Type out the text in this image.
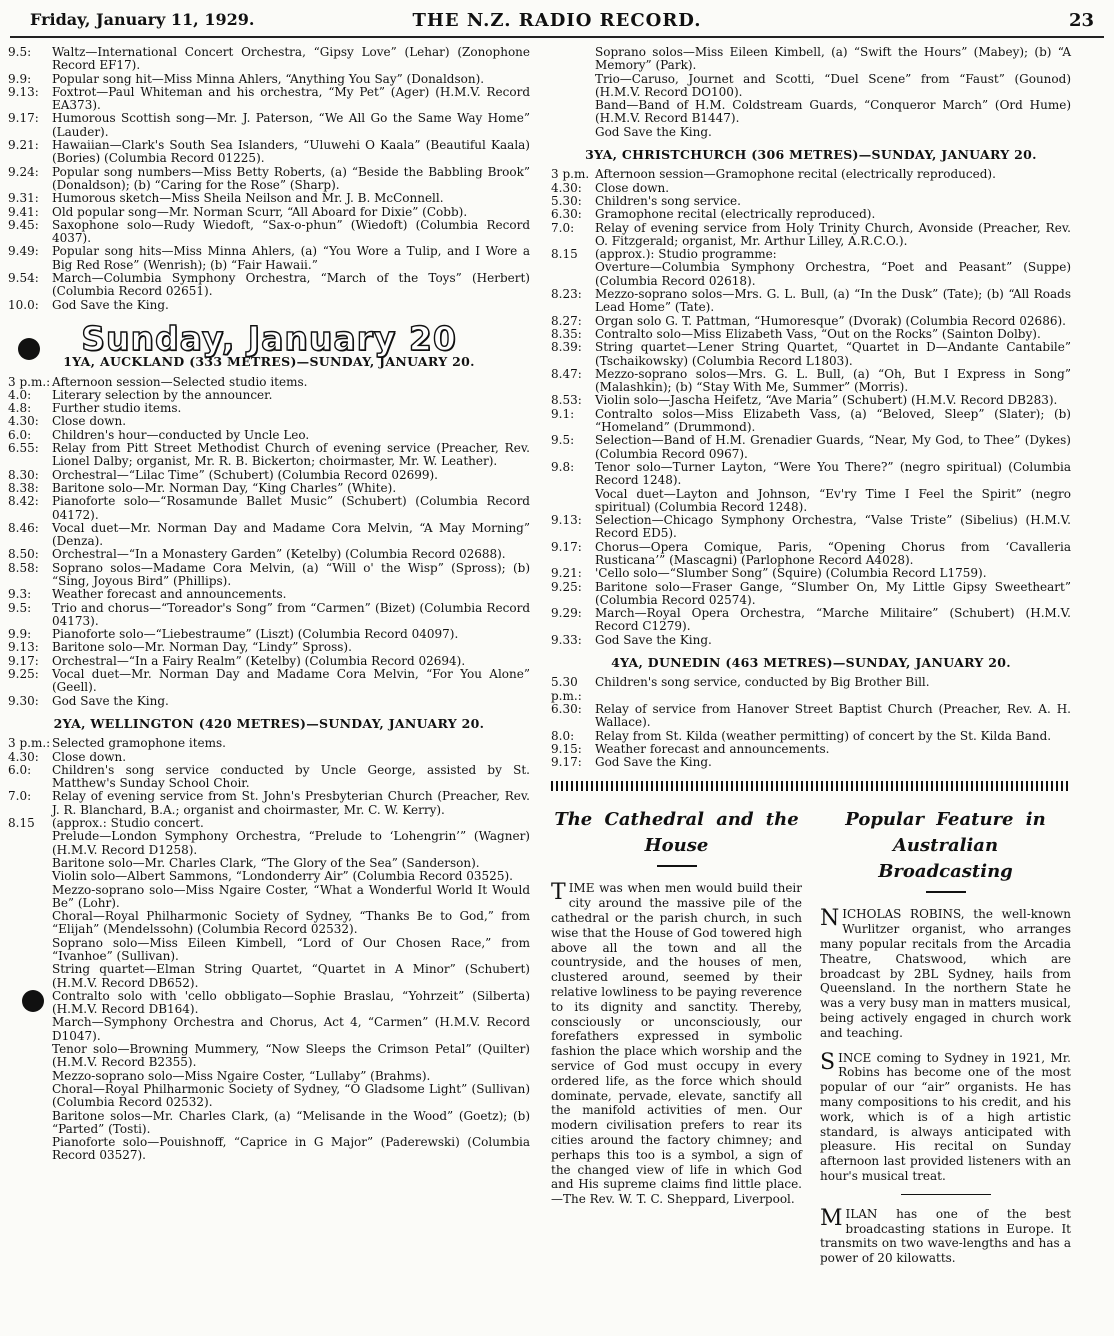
Friday, January 11, 1929.	THE N.Z. RADIO RECORD.	23
9.5:	Waltz—International Concert Orchestra, “Gipsy Love” (Lehar) (Zonophone Record EF17).
9.9:	Popular song hit—Miss Minna Ahlers, “Anything You Say” (Donaldson).
9.13:	Foxtrot—Paul Whiteman and his orchestra, “My Pet” (Ager) (H.M.V. Record EA373).
9.17:	Humorous Scottish song—Mr. J. Paterson, “We All Go the Same Way Home” (Lauder).
9.21:	Hawaiian—Clark's South Sea Islanders, “Uluwehi O Kaala” (Beautiful Kaala) (Bories) (Columbia Record 01225).
9.24:	Popular song numbers—Miss Betty Roberts, (a) “Beside the Babbling Brook” (Donaldson); (b) “Caring for the Rose” (Sharp).
9.31:	Humorous sketch—Miss Sheila Neilson and Mr. J. B. McConnell.
9.41:	Old popular song—Mr. Norman Scurr, “All Aboard for Dixie” (Cobb).
9.45:	Saxophone solo—Rudy Wiedoft, “Sax-o-phun” (Wiedoft) (Columbia Record 4037).
9.49:	Popular song hits—Miss Minna Ahlers, (a) “You Wore a Tulip, and I Wore a Big Red Rose” (Wenrish); (b) “Fair Hawaii.”
9.54:	March—Columbia Symphony Orchestra, “March of the Toys” (Herbert) (Columbia Record 02651).
10.0:	God Save the King.
Sunday, January 20
1YA, AUCKLAND (333 METRES)—SUNDAY, JANUARY 20.
3 p.m.: Afternoon session—Selected studio items.
4.0:	Literary selection by the announcer.
4.8:	Further studio items.
4.30:	Close down.
6.0:	Children's hour—conducted by Uncle Leo.
6.55:	Relay from Pitt Street Methodist Church of evening service (Preacher, Rev. Lionel Dalby; organist, Mr. R. B. Bickerton; choirmaster, Mr. W. Leather).
8.30:	Orchestral—“Lilac Time” (Schubert) (Columbia Record 02699).
8.38:	Baritone solo—Mr. Norman Day, “King Charles” (White).
8.42:	Pianoforte solo—“Rosamunde Ballet Music” (Schubert) (Columbia Record 04172).
8.46:	Vocal duet—Mr. Norman Day and Madame Cora Melvin, “A May Morning” (Denza).
8.50:	Orchestral—“In a Monastery Garden” (Ketelby) (Columbia Record 02688).
8.58:	Soprano solos—Madame Cora Melvin, (a) “Will o' the Wisp” (Spross); (b) “Sing, Joyous Bird” (Phillips).
9.3:	Weather forecast and announcements.
9.5:	Trio and chorus—“Toreador's Song” from “Carmen” (Bizet) (Columbia Record 04173).
9.9:	Pianoforte solo—“Liebestraume” (Liszt) (Columbia Record 04097).
9.13:	Baritone solo—Mr. Norman Day, “Lindy” Spross).
9.17:	Orchestral—“In a Fairy Realm” (Ketelby) (Columbia Record 02694).
9.25:	Vocal duet—Mr. Norman Day and Madame Cora Melvin, “For You Alone” (Geell).
9.30:	God Save the King.
2YA, WELLINGTON (420 METRES)—SUNDAY, JANUARY 20.
3 p.m.: Selected gramophone items.
4.30:	Close down.
6.0:	Children's song service conducted by Uncle George, assisted by St. Matthew's Sunday School Choir.
7.0:	Relay of evening service from St. John's Presbyterian Church (Preacher, Rev. J. R. Blanchard, B.A.; organist and choirmaster, Mr. C. W. Kerry).
8.15	(approx.: Studio concert.
Prelude—London Symphony Orchestra, “Prelude to ‘Lohengrin’” (Wagner) (H.M.V. Record D1258).
Baritone solo—Mr. Charles Clark, “The Glory of the Sea” (Sanderson).
Violin solo—Albert Sammons, “Londonderry Air” (Columbia Record 03525).
Mezzo-soprano solo—Miss Ngaire Coster, “What a Wonderful World It Would Be” (Lohr).
Choral—Royal Philharmonic Society of Sydney, “Thanks Be to God,” from “Elijah” (Mendelssohn) (Columbia Record 02532).
Soprano solo—Miss Eileen Kimbell, “Lord of Our Chosen Race,” from “Ivanhoe” (Sullivan).
String quartet—Elman String Quartet, “Quartet in A Minor” (Schubert) (H.M.V. Record DB652).
Contralto solo with 'cello obbligato—Sophie Braslau, “Yohrzeit” (Silberta) (H.M.V. Record DB164).
March—Symphony Orchestra and Chorus, Act 4, “Carmen” (H.M.V. Record D1047).
Tenor solo—Browning Mummery, “Now Sleeps the Crimson Petal” (Quilter) (H.M.V. Record B2355).
Mezzo-soprano solo—Miss Ngaire Coster, “Lullaby” (Brahms).
Choral—Royal Philharmonic Society of Sydney, “O Gladsome Light” (Sullivan) (Columbia Record 02532).
Baritone solos—Mr. Charles Clark, (a) “Melisande in the Wood” (Goetz); (b) “Parted” (Tosti).
Pianoforte solo—Pouishnoff, “Caprice in G Major” (Paderewski) (Columbia Record 03527).
Soprano solos—Miss Eileen Kimbell, (a) “Swift the Hours” (Mabey); (b) “A Memory” (Park).
Trio—Caruso, Journet and Scotti, “Duel Scene” from “Faust” (Gounod) (H.M.V. Record DO100).
Band—Band of H.M. Coldstream Guards, “Conqueror March” (Ord Hume) (H.M.V. Record B1447).
God Save the King.
3YA, CHRISTCHURCH (306 METRES)—SUNDAY, JANUARY 20.
3 p.m. Afternoon session—Gramophone recital (electrically reproduced).
4.30:	Close down.
5.30:	Children's song service.
6.30:	Gramophone recital (electrically reproduced).
7.0:	Relay of evening service from Holy Trinity Church, Avonside (Preacher, Rev. O. Fitzgerald; organist, Mr. Arthur Lilley, A.R.C.O.).
8.15	(approx.): Studio programme:
Overture—Columbia Symphony Orchestra, “Poet and Peasant” (Suppe) (Columbia Record 02618).
8.23:	Mezzo-soprano solos—Mrs. G. L. Bull, (a) “In the Dusk” (Tate); (b) “All Roads Lead Home” (Tate).
8.27:	Organ solo G. T. Pattman, “Humoresque” (Dvorak) (Columbia Record 02686).
8.35:	Contralto solo—Miss Elizabeth Vass, “Out on the Rocks” (Sainton Dolby).
8.39:	String quartet—Lener String Quartet, “Quartet in D—Andante Cantabile” (Tschaikowsky) (Columbia Record L1803).
8.47:	Mezzo-soprano solos—Mrs. G. L. Bull, (a) “Oh, But I Express in Song” (Malashkin); (b) “Stay With Me, Summer” (Morris).
8.53:	Violin solo—Jascha Heifetz, “Ave Maria” (Schubert) (H.M.V. Record DB283).
9.1:	Contralto solos—Miss Elizabeth Vass, (a) “Beloved, Sleep” (Slater); (b) “Homeland” (Drummond).
9.5:	Selection—Band of H.M. Grenadier Guards, “Near, My God, to Thee” (Dykes) (Columbia Record 0967).
9.8:	Tenor solo—Turner Layton, “Were You There?” (negro spiritual) (Columbia Record 1248).
Vocal duet—Layton and Johnson, “Ev'ry Time I Feel the Spirit” (negro spiritual) (Columbia Record 1248).
9.13:	Selection—Chicago Symphony Orchestra, “Valse Triste” (Sibelius) (H.M.V. Record ED5).
9.17:	Chorus—Opera Comique, Paris, “Opening Chorus from ‘Cavalleria Rusticana’” (Mascagni) (Parlophone Record A4028).
9.21:	'Cello solo—“Slumber Song” (Squire) (Columbia Record L1759).
9.25:	Baritone solo—Fraser Gange, “Slumber On, My Little Gipsy Sweetheart” (Columbia Record 02574).
9.29:	March—Royal Opera Orchestra, “Marche Militaire” (Schubert) (H.M.V. Record C1279).
9.33:	God Save the King.
4YA, DUNEDIN (463 METRES)—SUNDAY, JANUARY 20.
5.30 p.m.:
Children's song service, conducted by Big Brother Bill.
6.30:	Relay of service from Hanover Street Baptist Church (Preacher, Rev. A. H. Wallace).
8.0:	Relay from St. Kilda (weather permitting) of concert by the St. Kilda Band.
9.15:	Weather forecast and announcements.
9.17:	God Save the King.
The Cathedral and the House

TIME was when men would build their city around the massive pile of the cathedral or the parish church, in such wise that the House of God towered high above all the town and all the countryside, and the houses of men, clustered around, seemed by their relative lowliness to be paying reverence to its dignity and sanctity. Thereby, consciously or unconsciously, our forefathers expressed in symbolic fashion the place which worship and the service of God must occupy in every ordered life, as the force which should dominate, pervade, elevate, sanctify all the manifold activities of men. Our modern civilisation prefers to rear its cities around the factory chimney; and perhaps this too is a symbol, a sign of the changed view of life in which God and His supreme claims find little place.—The Rev. W. T. C. Sheppard, Liverpool.

Popular Feature in Australian Broadcasting

NICHOLAS ROBINS, the well-known Wurlitzer organist, who arranges many popular recitals from the Arcadia Theatre, Chatswood, which are broadcast by 2BL Sydney, hails from Queensland. In the northern State he was a very busy man in matters musical, being actively engaged in church work and teaching.

SINCE coming to Sydney in 1921, Mr. Robins has become one of the most popular of our “air” organists. He has many compositions to his credit, and his work, which is of a high artistic standard, is always anticipated with pleasure. His recital on Sunday afternoon last provided listeners with an hour's musical treat.

MILAN has one of the best broadcasting stations in Europe. It transmits on two wave-lengths and has a power of 20 kilowatts.
